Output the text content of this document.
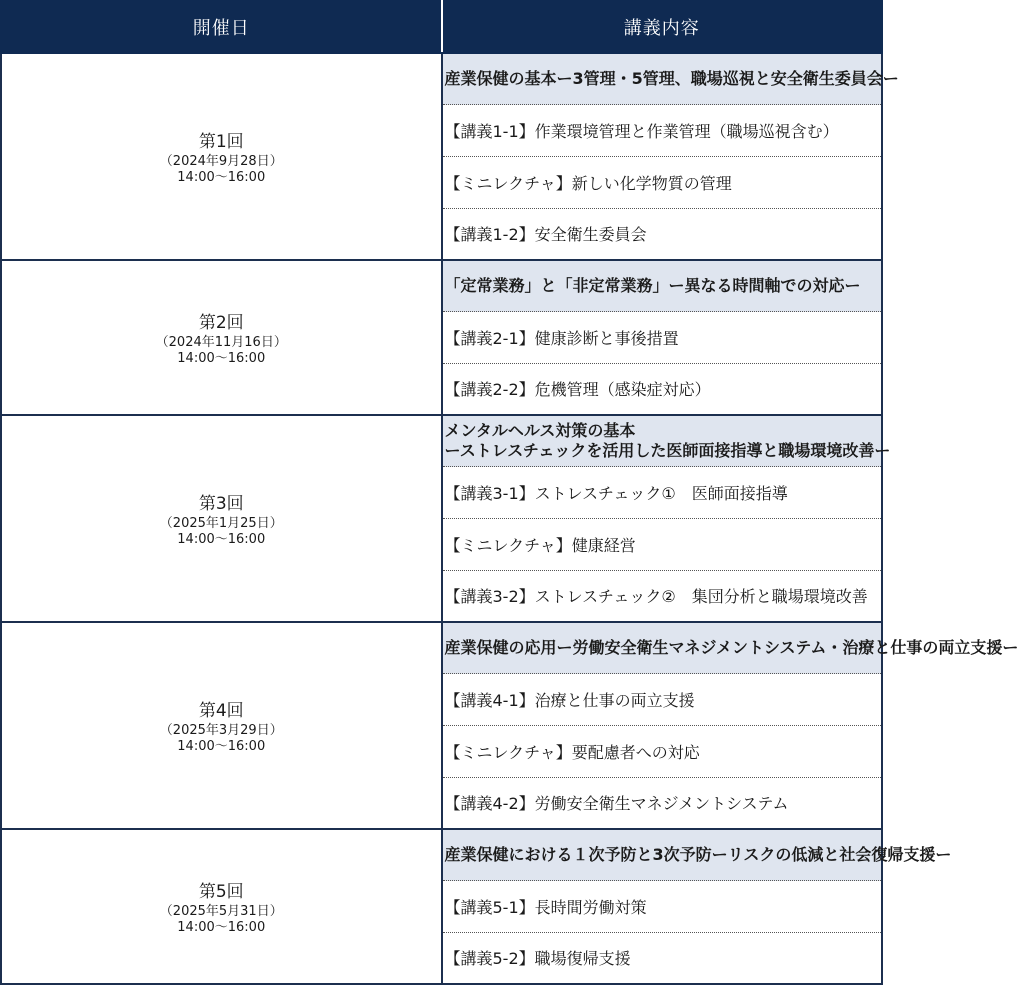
開催日	講義内容

第1回
（2024年9月28日）
14:00〜16:00	産業保健の基本ー3管理・5管理、職場巡視と安全衛生委員会ー

	【講義1-1】作業環境管理と作業管理（職場巡視含む）
	【ミニレクチャ】新しい化学物質の管理
	【講義1-2】安全衛生委員会

第2回
（2024年11月16日）
14:00〜16:00	「定常業務」と「非定常業務」ー異なる時間軸での対応ー

	【講義2-1】健康診断と事後措置
	【講義2-2】危機管理（感染症対応）

第3回
（2025年1月25日）
14:00〜16:00	メンタルヘルス対策の基本
ーストレスチェックを活用した医師面接指導と職場環境改善ー

	【講義3-1】ストレスチェック①　医師面接指導
	【ミニレクチャ】健康経営
	【講義3-2】ストレスチェック②　集団分析と職場環境改善

第4回
（2025年3月29日）
14:00〜16:00	産業保健の応用ー労働安全衛生マネジメントシステム・治療と仕事の両立支援ー

	【講義4-1】治療と仕事の両立支援
	【ミニレクチャ】要配慮者への対応
	【講義4-2】労働安全衛生マネジメントシステム

第5回
（2025年5月31日）
14:00〜16:00	産業保健における１次予防と3次予防ーリスクの低減と社会復帰支援ー

	【講義5-1】長時間労働対策
	【講義5-2】職場復帰支援
